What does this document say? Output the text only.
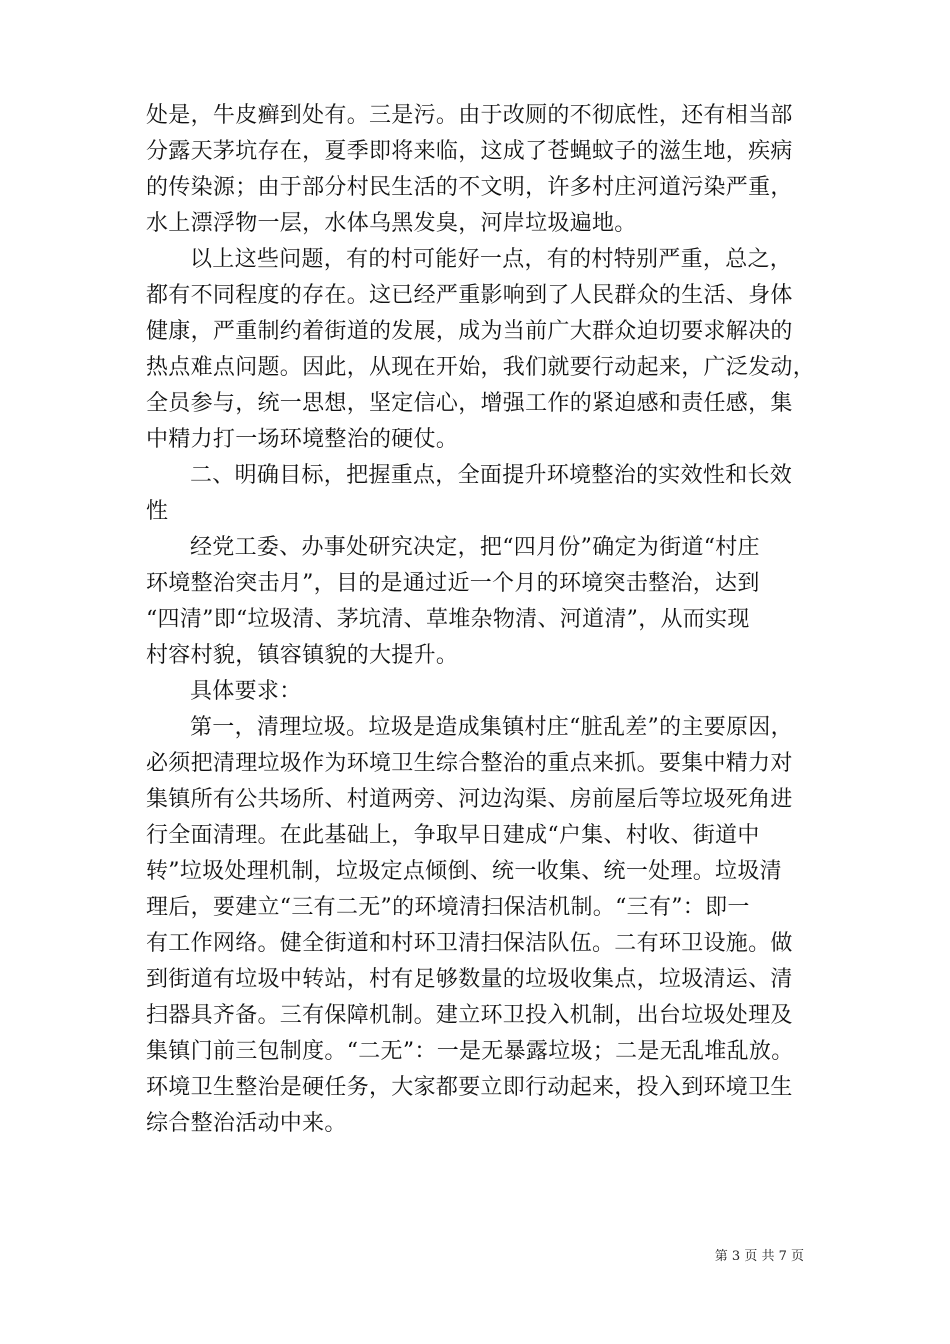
处是，牛皮癣到处有。三是污。由于改厕的不彻底性，还有相当部
分露天茅坑存在，夏季即将来临，这成了苍蝇蚊子的滋生地，疾病
的传染源；由于部分村民生活的不文明，许多村庄河道污染严重，
水上漂浮物一层，水体乌黑发臭，河岸垃圾遍地。
以上这些问题，有的村可能好一点，有的村特别严重，总之，
都有不同程度的存在。这已经严重影响到了人民群众的生活、身体
健康，严重制约着街道的发展，成为当前广大群众迫切要求解决的
热点难点问题。因此，从现在开始，我们就要行动起来，广泛发动，
全员参与，统一思想，坚定信心，增强工作的紧迫感和责任感，集
中精力打一场环境整治的硬仗。
二、明确目标，把握重点，全面提升环境整治的实效性和长效
性
经党工委、办事处研究决定，把“四月份”确定为街道“村庄
环境整治突击月”，目的是通过近一个月的环境突击整治，达到
“四清”即“垃圾清、茅坑清、草堆杂物清、河道清”，从而实现
村容村貌，镇容镇貌的大提升。
具体要求：
第一，清理垃圾。垃圾是造成集镇村庄“脏乱差”的主要原因，
必须把清理垃圾作为环境卫生综合整治的重点来抓。要集中精力对
集镇所有公共场所、村道两旁、河边沟渠、房前屋后等垃圾死角进
行全面清理。在此基础上，争取早日建成“户集、村收、街道中
转”垃圾处理机制，垃圾定点倾倒、统一收集、统一处理。垃圾清
理后，要建立“三有二无”的环境清扫保洁机制。“三有”：即一
有工作网络。健全街道和村环卫清扫保洁队伍。二有环卫设施。做
到街道有垃圾中转站，村有足够数量的垃圾收集点，垃圾清运、清
扫器具齐备。三有保障机制。建立环卫投入机制，出台垃圾处理及
集镇门前三包制度。“二无”：一是无暴露垃圾；二是无乱堆乱放。
环境卫生整治是硬任务，大家都要立即行动起来，投入到环境卫生
综合整治活动中来。
第 3 页 共 7 页
